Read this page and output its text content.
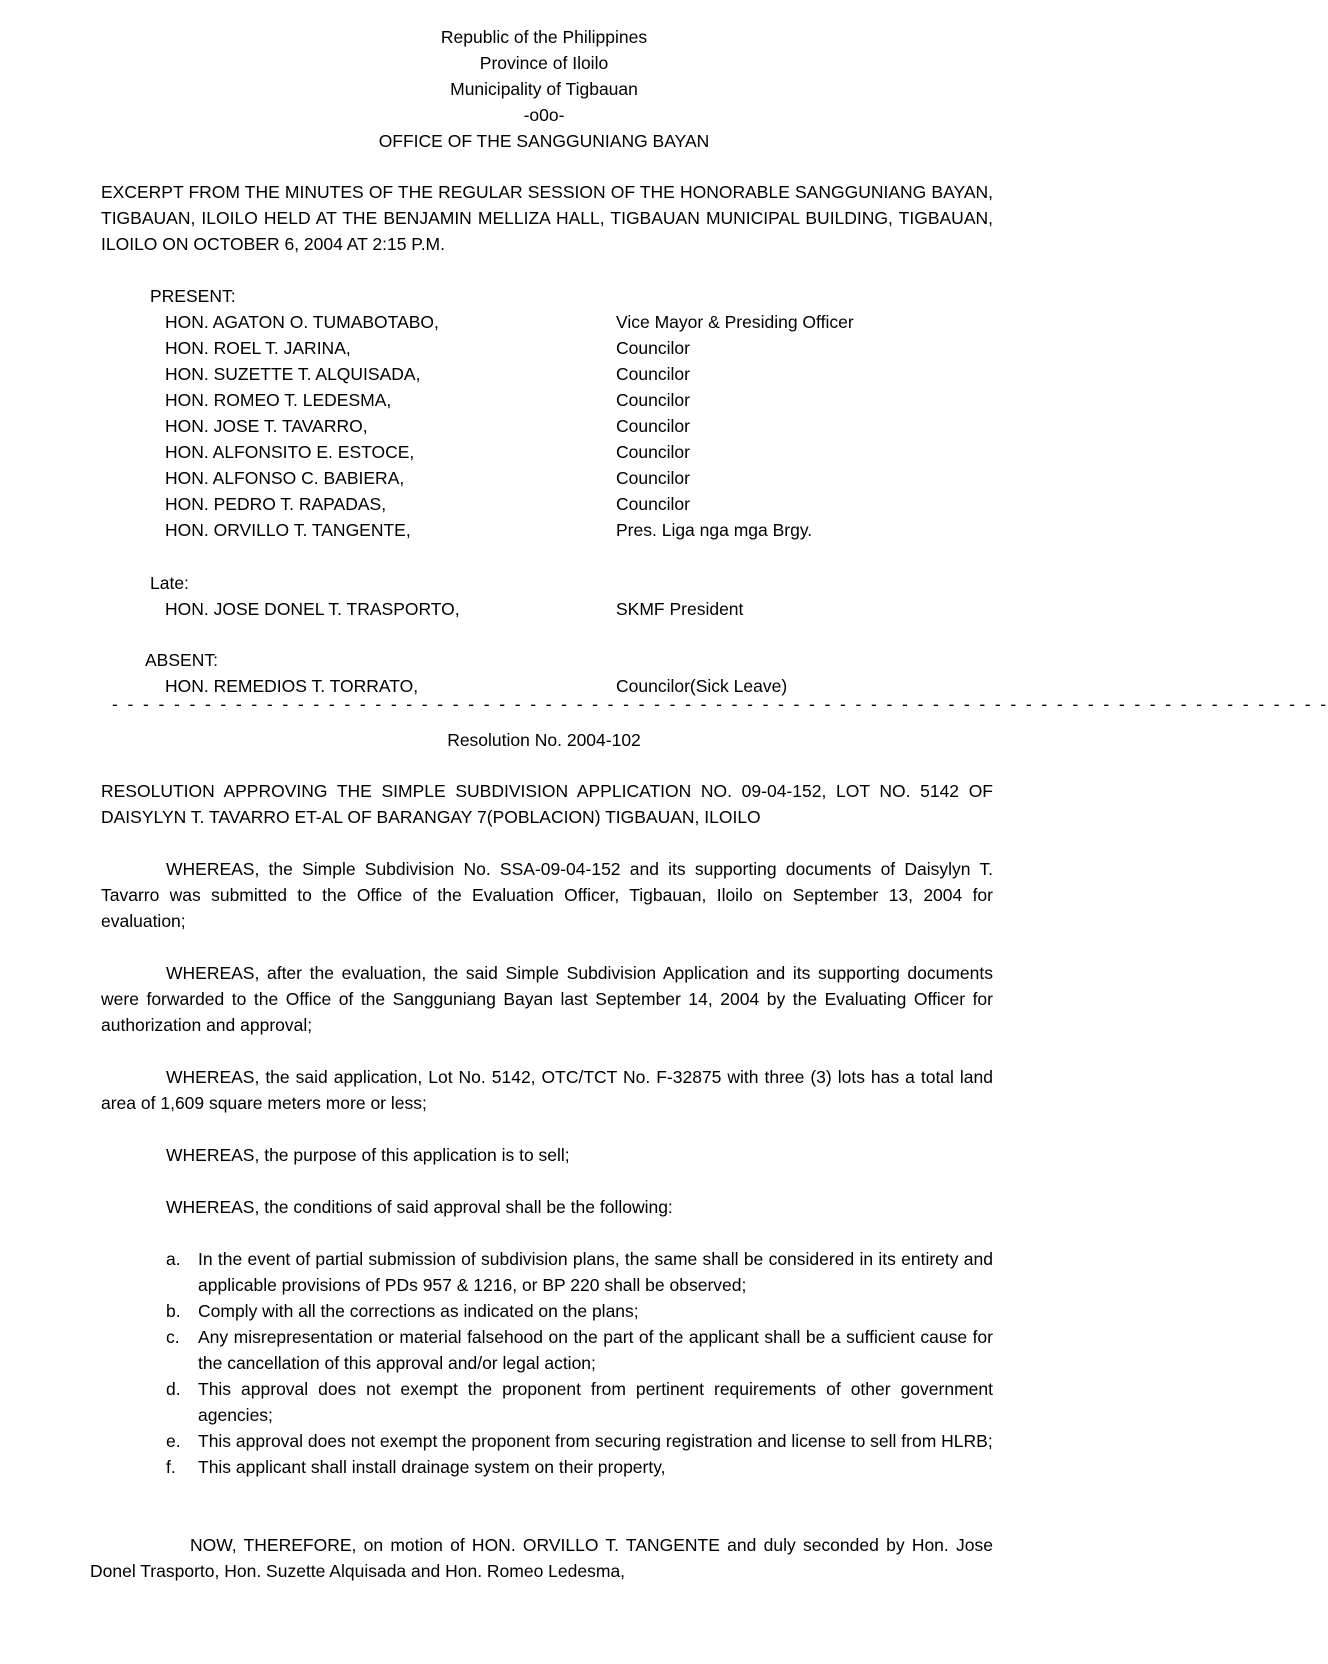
Republic of the Philippines
Province of Iloilo
Municipality of Tigbauan
-o0o-
OFFICE OF THE SANGGUNIANG BAYAN
EXCERPT FROM THE MINUTES OF THE REGULAR SESSION OF THE HONORABLE SANGGUNIANG BAYAN, TIGBAUAN, ILOILO HELD AT THE BENJAMIN MELLIZA HALL, TIGBAUAN MUNICIPAL BUILDING, TIGBAUAN, ILOILO ON OCTOBER 6, 2004 AT 2:15 P.M.
PRESENT:
HON. AGATON O. TUMABOTABO,	Vice Mayor & Presiding Officer
HON. ROEL T. JARINA,	Councilor
HON. SUZETTE T. ALQUISADA,	Councilor
HON. ROMEO T. LEDESMA,	Councilor
HON. JOSE T. TAVARRO,	Councilor
HON. ALFONSITO E. ESTOCE,	Councilor
HON. ALFONSO C. BABIERA,	Councilor
HON. PEDRO T. RAPADAS,	Councilor
HON. ORVILLO T. TANGENTE,	Pres. Liga nga mga Brgy.
Late:
HON. JOSE DONEL T. TRASPORTO,	SKMF President
ABSENT:
HON. REMEDIOS T. TORRATO,	Councilor(Sick Leave)
- - - - - - - - - - - - - - - - - - - - - - - - - - - - - - - - - - - - - - - - - - - - - - - - - - - - - - - - - - - - - - - - - - - - - - - - - - - - - - -
Resolution No. 2004-102
RESOLUTION APPROVING THE SIMPLE SUBDIVISION APPLICATION NO. 09-04-152, LOT NO. 5142 OF DAISYLYN T. TAVARRO ET-AL OF BARANGAY 7(POBLACION) TIGBAUAN, ILOILO
WHEREAS, the Simple Subdivision No. SSA-09-04-152 and its supporting documents of Daisylyn T. Tavarro was submitted to the Office of the Evaluation Officer, Tigbauan, Iloilo on September 13, 2004 for evaluation;
WHEREAS, after the evaluation, the said Simple Subdivision Application and its supporting documents were forwarded to the Office of the Sangguniang Bayan last September 14, 2004 by the Evaluating Officer for authorization and approval;
WHEREAS, the said application, Lot No. 5142, OTC/TCT No. F-32875 with three (3) lots has a total land area of 1,609 square meters more or less;
WHEREAS, the purpose of this application is to sell;
WHEREAS, the conditions of said approval shall be the following:
a. In the event of partial submission of subdivision plans, the same shall be considered in its entirety and applicable provisions of PDs 957 & 1216, or BP 220 shall be observed;
b. Comply with all the corrections as indicated on the plans;
c. Any misrepresentation or material falsehood on the part of the applicant shall be a sufficient cause for the cancellation of this approval and/or legal action;
d. This approval does not exempt the proponent from pertinent requirements of other government agencies;
e. This approval does not exempt the proponent from securing registration and license to sell from HLRB;
f. This applicant shall install drainage system on their property,
NOW, THEREFORE, on motion of HON. ORVILLO T. TANGENTE and duly seconded by Hon. Jose Donel Trasporto, Hon. Suzette Alquisada and Hon. Romeo Ledesma,
